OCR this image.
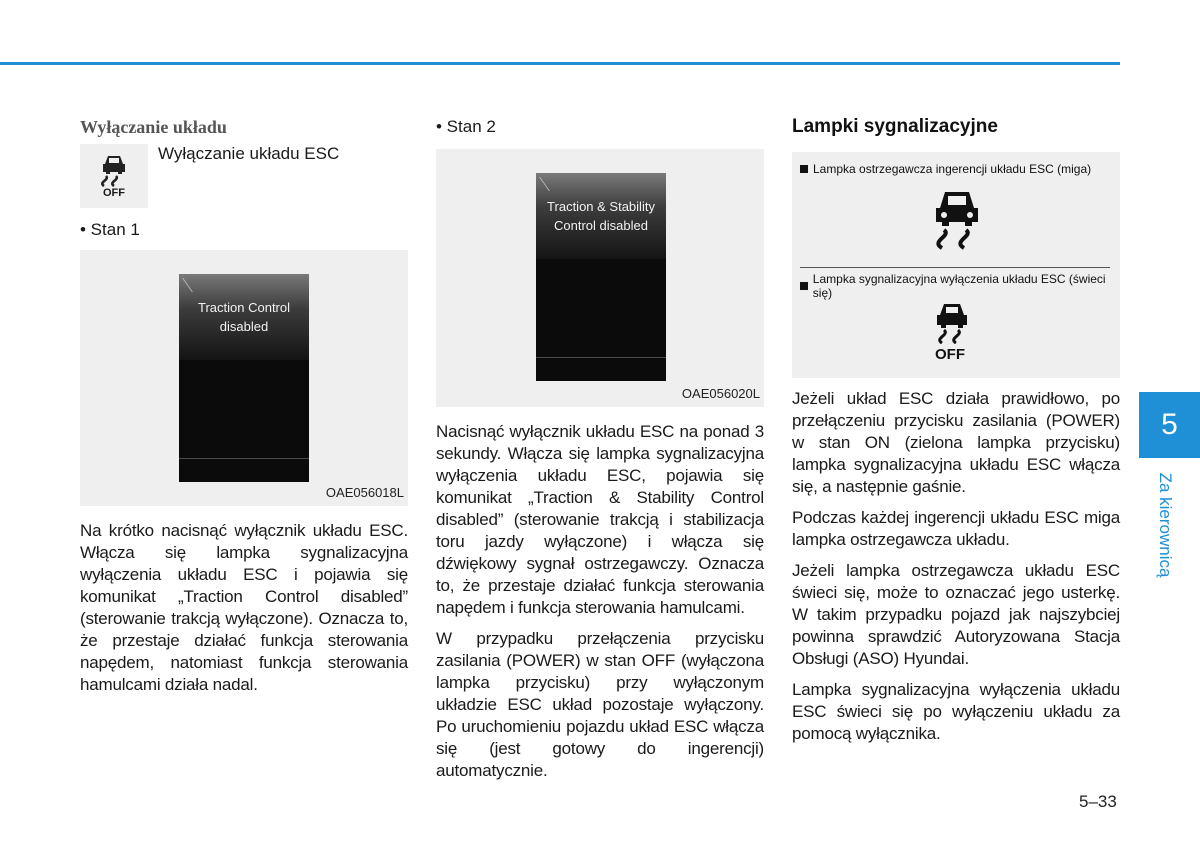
Wyłączanie układu
OFF
Wyłączanie układu ESC
• Stan 1
Traction Control
disabled
OAE056018L

Na krótko nacisnąć wyłącznik układu ESC. Włącza się lampka sygnalizacyjna wyłączenia układu ESC i pojawia się komunikat „Traction Control disabled” (sterowanie trakcją wyłączone). Oznacza to, że przestaje działać funkcja sterowania napędem, natomiast funkcja sterowania hamulcami działa nadal.

• Stan 2
Traction & Stability
Control disabled
OAE056020L

Nacisnąć wyłącznik układu ESC na ponad 3 sekundy. Włącza się lampka sygnalizacyjna wyłączenia układu ESC, pojawia się komunikat „Traction & Stability Control disabled” (sterowanie trakcją i stabilizacja toru jazdy wyłączone) i włącza się dźwiękowy sygnał ostrzegawczy. Oznacza to, że przestaje działać funkcja sterowania napędem i funkcja sterowania hamulcami.

W przypadku przełączenia przycisku zasilania (POWER) w stan OFF (wyłączona lampka przycisku) przy wyłączonym układzie ESC układ pozostaje wyłączony. Po uruchomieniu pojazdu układ ESC włącza się (jest gotowy do ingerencji) automatycznie.

Lampki sygnalizacyjne
Lampka ostrzegawcza ingerencji układu ESC (miga)
Lampka sygnalizacyjna wyłączenia układu ESC (świeci się)
OFF

Jeżeli układ ESC działa prawidłowo, po przełączeniu przycisku zasilania (POWER) w stan ON (zielona lampka przycisku) lampka sygnalizacyjna układu ESC włącza się, a następnie gaśnie.

Podczas każdej ingerencji układu ESC miga lampka ostrzegawcza układu.

Jeżeli lampka ostrzegawcza układu ESC świeci się, może to oznaczać jego usterkę. W takim przypadku pojazd jak najszybciej powinna sprawdzić Autoryzowana Stacja Obsługi (ASO) Hyundai.

Lampka sygnalizacyjna wyłączenia układu ESC świeci się po wyłączeniu układu za pomocą wyłącznika.

5
Za kierownicą
5–33
